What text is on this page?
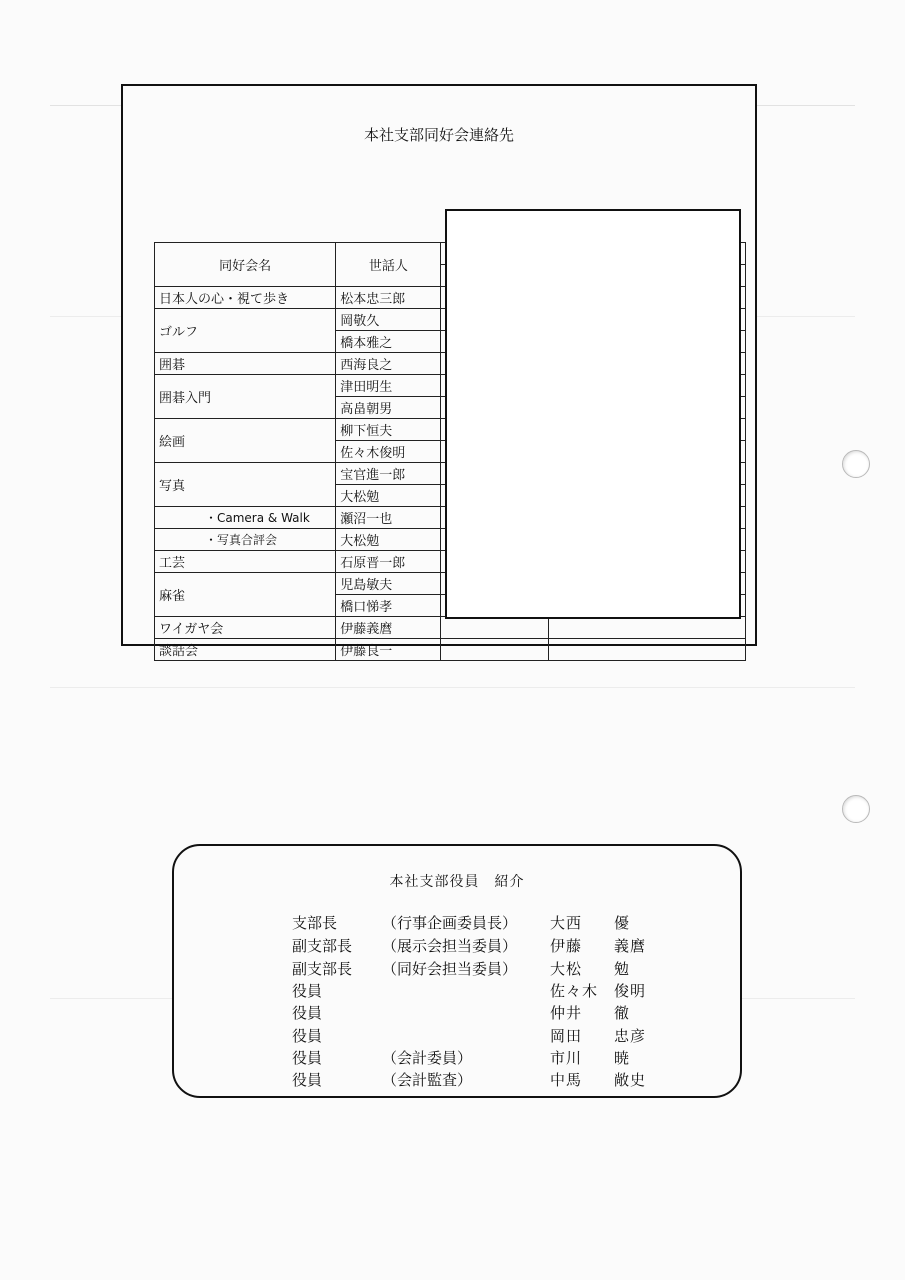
本社支部同好会連絡先
同好会名	世話人	

日本人の心・視て歩き	松本忠三郎		
ゴルフ	岡敬久		
	橋本雅之		
囲碁	西海良之		
囲碁入門	津田明生		
	高畠朝男		
絵画	柳下恒夫		
	佐々木俊明		
写真	宝官進一郎		
	大松勉		
・Camera & Walk	瀬沼一也		
・写真合評会	大松勉		
工芸	石原晋一郎		
麻雀	児島敏夫		
	橋口悌孝		
ワイガヤ会	伊藤義麿		
談話会	伊藤良一		
本社支部役員　紹介
支部長	（行事企画委員長） 大西　　優
副支部長 （展示会担当委員） 伊藤　　義麿
副支部長 （同好会担当委員） 大松　　勉
役員	佐々木　俊明
役員	仲井　　徹
役員	岡田　　忠彦
役員	（会計委員）	市川　　暁
役員	（会計監査）	中馬　　敞史
